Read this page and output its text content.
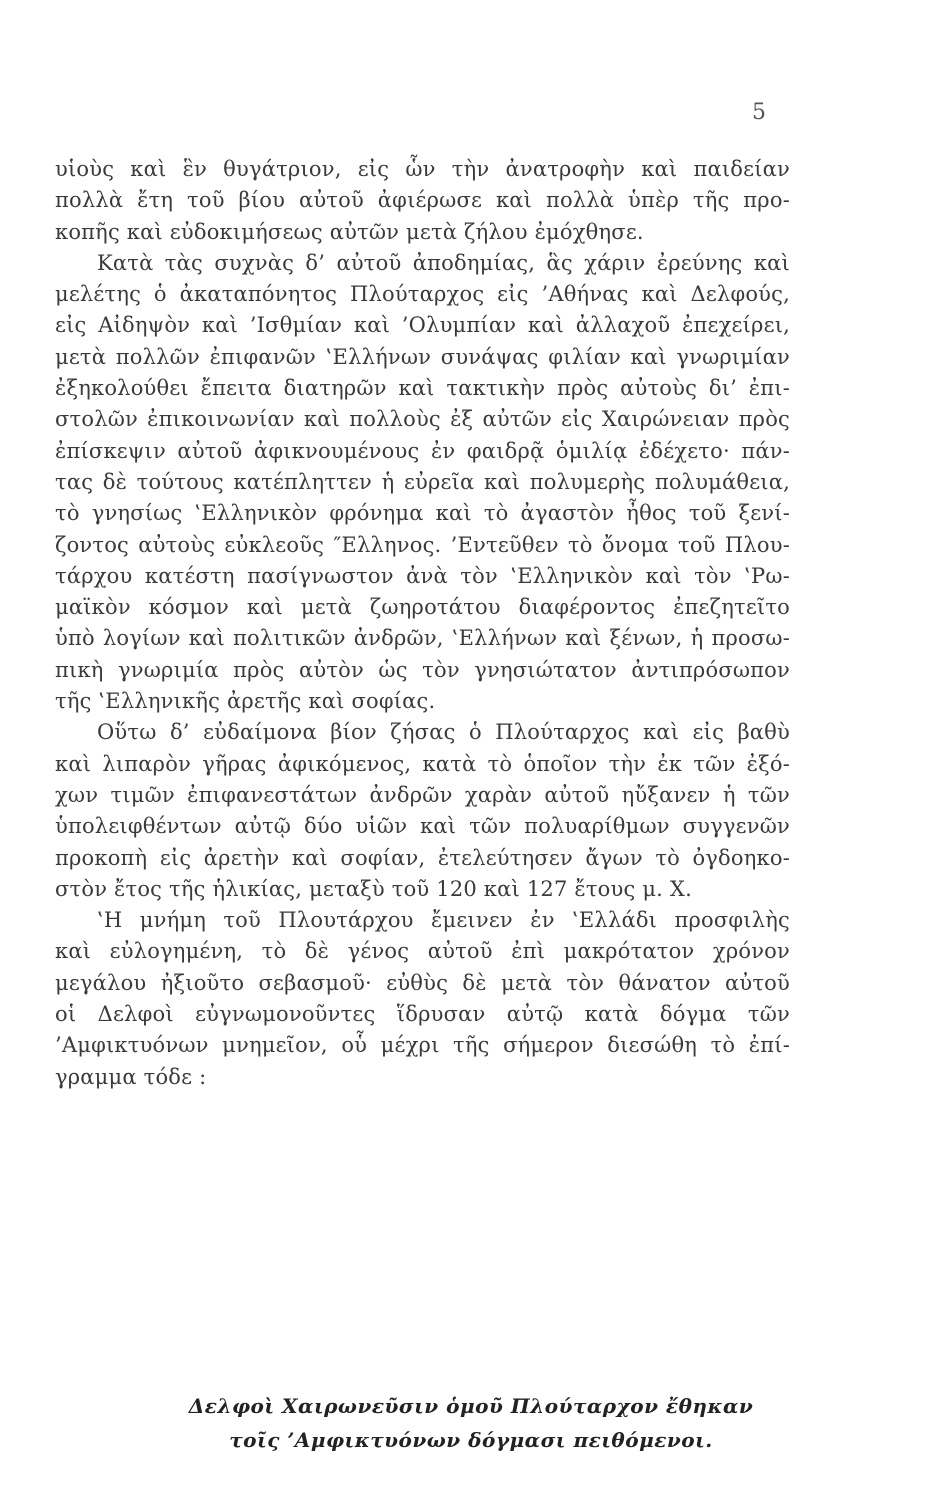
5
υἱοὺς καὶ ἓν θυγάτριον, εἰς ὧν τὴν ἀνατροφὴν καὶ παιδείαν
πολλὰ ἔτη τοῦ βίου αὐτοῦ ἀφιέρωσε καὶ πολλὰ ὑπὲρ τῆς προ-
κοπῆς καὶ εὐδοκιμήσεως αὐτῶν μετὰ ζήλου ἐμόχθησε.
Κατὰ τὰς συχνὰς δ’ αὐτοῦ ἀποδημίας, ἃς χάριν ἐρεύνης καὶ
μελέτης ὁ ἀκαταπόνητος Πλούταρχος εἰς ’Αθήνας καὶ Δελφούς,
εἰς Αἰδηψὸν καὶ ’Ισθμίαν καὶ ’Ολυμπίαν καὶ ἀλλαχοῦ ἐπεχείρει,
μετὰ πολλῶν ἐπιφανῶν ‛Ελλήνων συνάψας φιλίαν καὶ γνωριμίαν
ἐξηκολούθει ἔπειτα διατηρῶν καὶ τακτικὴν πρὸς αὐτοὺς δι’ ἐπι-
στολῶν ἐπικοινωνίαν καὶ πολλοὺς ἐξ αὐτῶν εἰς Χαιρώνειαν πρὸς
ἐπίσκεψιν αὐτοῦ ἀφικνουμένους ἐν φαιδρᾷ ὁμιλίᾳ ἐδέχετο· πάν-
τας δὲ τούτους κατέπληττεν ἡ εὐρεῖα καὶ πολυμερὴς πολυμάθεια,
τὸ γνησίως ‛Ελληνικὸν φρόνημα καὶ τὸ ἀγαστὸν ἦθος τοῦ ξενί-
ζοντος αὐτοὺς εὐκλεοῦς ″Ελληνος. ’Εντεῦθεν τὸ ὄνομα τοῦ Πλου-
τάρχου κατέστη πασίγνωστον ἀνὰ τὸν ‛Ελληνικὸν καὶ τὸν ‛Ρω-
μαϊκὸν κόσμον καὶ μετὰ ζωηροτάτου διαφέροντος ἐπεζητεῖτο
ὑπὸ λογίων καὶ πολιτικῶν ἀνδρῶν, ‛Ελλήνων καὶ ξένων, ἡ προσω-
πικὴ γνωριμία πρὸς αὐτὸν ὡς τὸν γνησιώτατον ἀντιπρόσωπον
τῆς ‛Ελληνικῆς ἀρετῆς καὶ σοφίας.
Οὕτω δ’ εὐδαίμονα βίον ζήσας ὁ Πλούταρχος καὶ εἰς βαθὺ
καὶ λιπαρὸν γῆρας ἀφικόμενος, κατὰ τὸ ὁποῖον τὴν ἐκ τῶν ἐξό-
χων τιμῶν ἐπιφανεστάτων ἀνδρῶν χαρὰν αὐτοῦ ηὔξανεν ἡ τῶν
ὑπολειφθέντων αὐτῷ δύο υἱῶν καὶ τῶν πολυαρίθμων συγγενῶν
προκοπὴ εἰς ἀρετὴν καὶ σοφίαν, ἐτελεύτησεν ἄγων τὸ ὀγδοηκο-
στὸν ἔτος τῆς ἡλικίας, μεταξὺ τοῦ 120 καὶ 127 ἔτους μ. Χ.
‛Η μνήμη τοῦ Πλουτάρχου ἔμεινεν ἐν ‛Ελλάδι προσφιλὴς
καὶ εὐλογημένη, τὸ δὲ γένος αὐτοῦ ἐπὶ μακρότατον χρόνον
μεγάλου ἠξιοῦτο σεβασμοῦ· εὐθὺς δὲ μετὰ τὸν θάνατον αὐτοῦ
οἱ Δελφοὶ εὐγνωμονοῦντες ἵδρυσαν αὐτῷ κατὰ δόγμα τῶν
’Αμφικτυόνων μνημεῖον, οὗ μέχρι τῆς σήμερον διεσώθη τὸ ἐπί-
γραμμα τόδε :
Δελφοὶ Χαιρωνεῦσιν ὁμοῦ Πλούταρχον ἔθηκαν
τοῖς ’Αμφικτυόνων δόγμασι πειθόμενοι.
